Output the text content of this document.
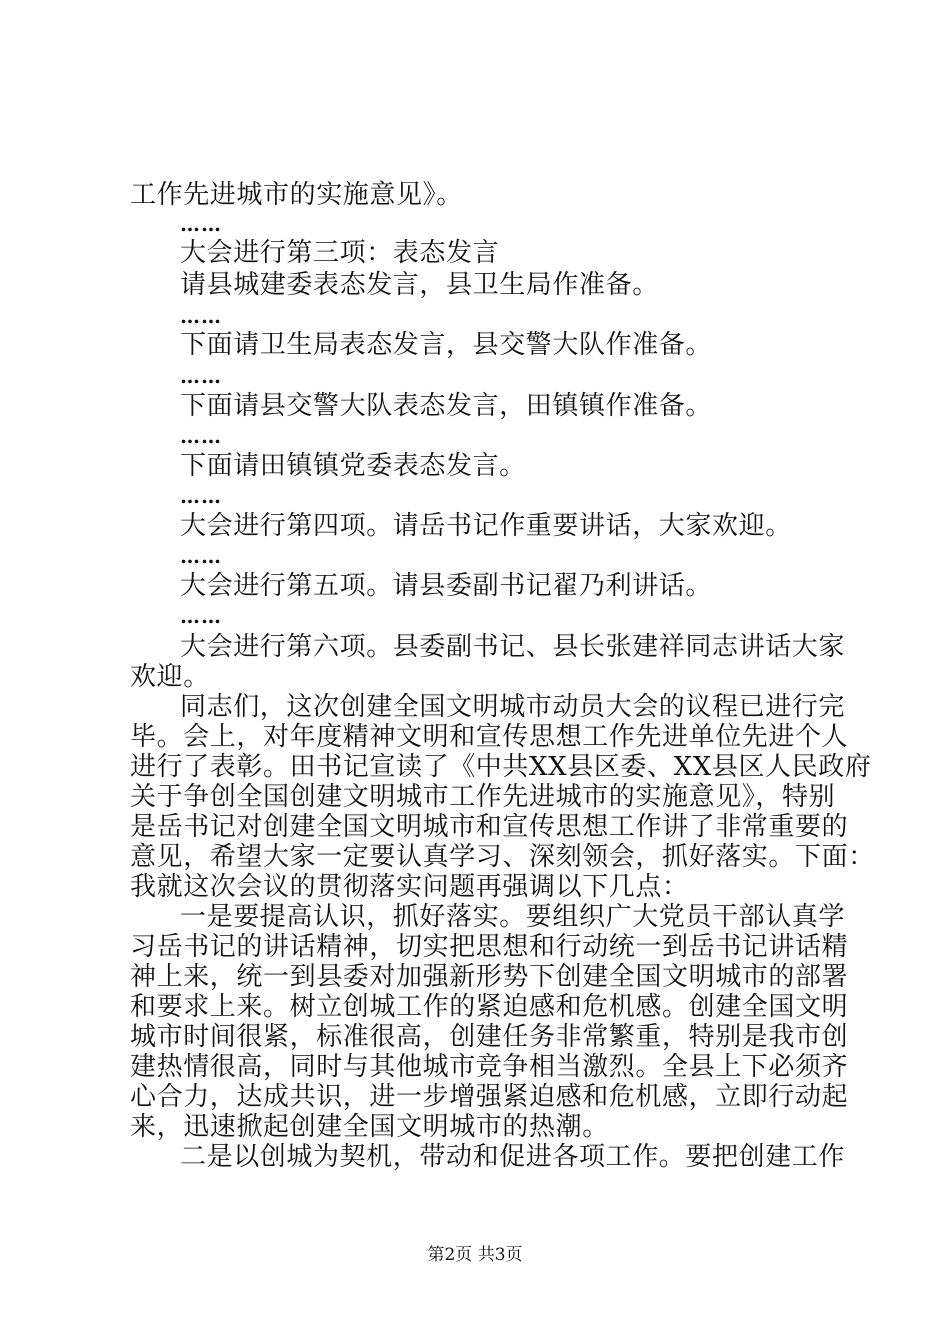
工作先进城市的实施意见》。
……
大会进行第三项：表态发言
请县城建委表态发言，县卫生局作准备。
……
下面请卫生局表态发言，县交警大队作准备。
……
下面请县交警大队表态发言，田镇镇作准备。
……
下面请田镇镇党委表态发言。
……
大会进行第四项。请岳书记作重要讲话，大家欢迎。
……
大会进行第五项。请县委副书记翟乃利讲话。
……
大会进行第六项。县委副书记、县长张建祥同志讲话大家
欢迎。
同志们，这次创建全国文明城市动员大会的议程已进行完
毕。会上，对年度精神文明和宣传思想工作先进单位先进个人
进行了表彰。田书记宣读了《中共XX县区委、XX县区人民政府
关于争创全国创建文明城市工作先进城市的实施意见》，特别
是岳书记对创建全国文明城市和宣传思想工作讲了非常重要的
意见，希望大家一定要认真学习、深刻领会，抓好落实。下面：
我就这次会议的贯彻落实问题再强调以下几点：
一是要提高认识，抓好落实。要组织广大党员干部认真学
习岳书记的讲话精神，切实把思想和行动统一到岳书记讲话精
神上来，统一到县委对加强新形势下创建全国文明城市的部署
和要求上来。树立创城工作的紧迫感和危机感。创建全国文明
城市时间很紧，标准很高，创建任务非常繁重，特别是我市创
建热情很高，同时与其他城市竞争相当激烈。全县上下必须齐
心合力，达成共识，进一步增强紧迫感和危机感，立即行动起
来，迅速掀起创建全国文明城市的热潮。
二是以创城为契机，带动和促进各项工作。要把创建工作
第2页 共3页
